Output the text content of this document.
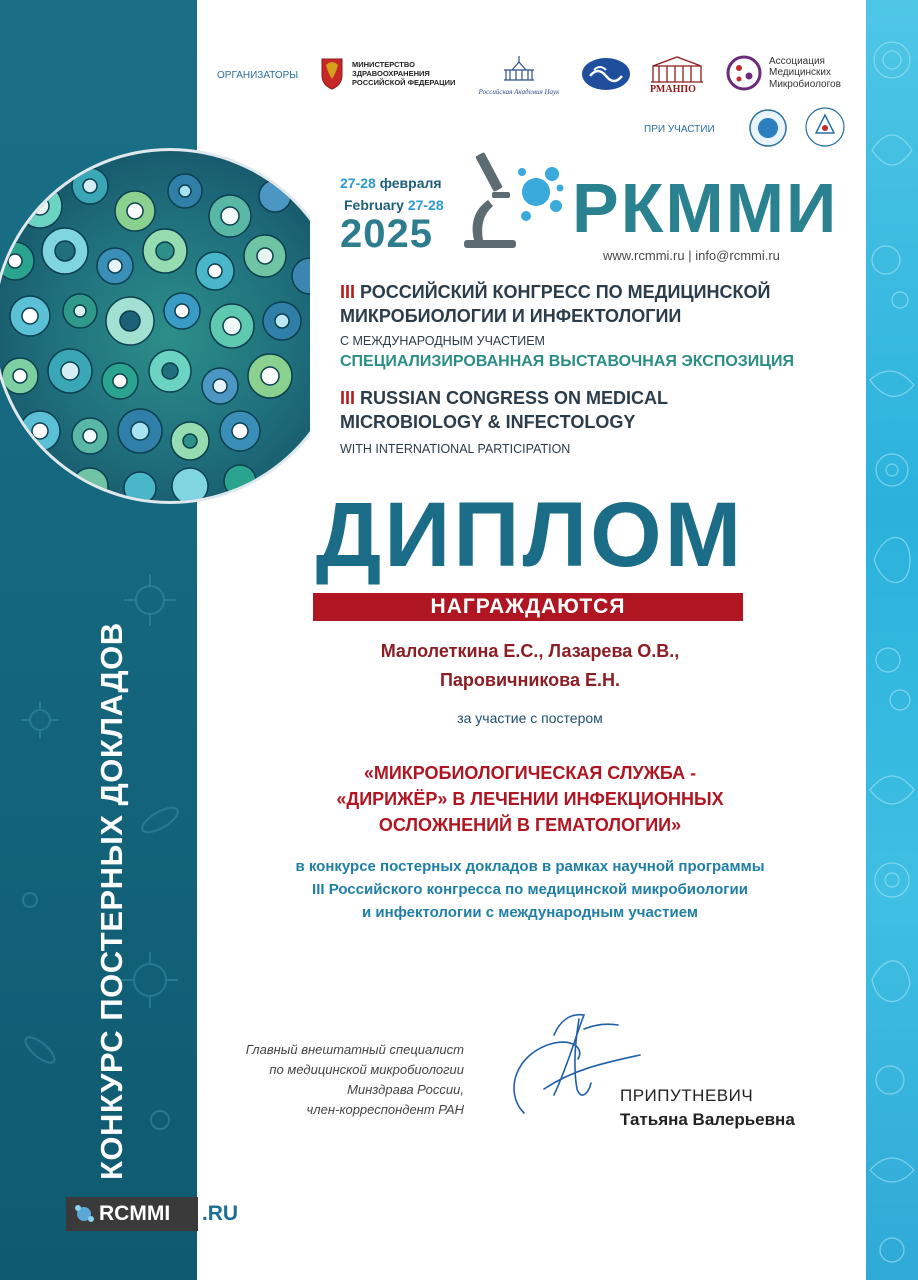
КОНКУРС ПОСТЕРНЫХ ДОКЛАДОВ
RCMMI .RU
ОРГАНИЗАТОРЫ
МИНИСТЕРСТВО
ЗДРАВООХРАНЕНИЯ
РОССИЙСКОЙ ФЕДЕРАЦИИ
Российская Академия Наук	РМАНПО
Ассоциация
Медицинских
Микробиологов
ПРИ УЧАСТИИ
27-28 февраля
February 27-28
2025 РКММИ
www.rcmmi.ru | info@rcmmi.ru
III РОССИЙСКИЙ КОНГРЕСС ПО МЕДИЦИНСКОЙ
МИКРОБИОЛОГИИ И ИНФЕКТОЛОГИИ
С МЕЖДУНАРОДНЫМ УЧАСТИЕМ
СПЕЦИАЛИЗИРОВАННАЯ ВЫСТАВОЧНАЯ ЭКСПОЗИЦИЯ
III RUSSIAN CONGRESS ON MEDICAL
MICROBIOLOGY & INFECTOLOGY
WITH INTERNATIONAL PARTICIPATION
ДИПЛОМ
НАГРАЖДАЮТСЯ
Малолеткина Е.С., Лазарева О.В.,
Паровичникова Е.Н.
за участие с постером
«МИКРОБИОЛОГИЧЕСКАЯ СЛУЖБА -
«ДИРИЖЁР» В ЛЕЧЕНИИ ИНФЕКЦИОННЫХ
ОСЛОЖНЕНИЙ В ГЕМАТОЛОГИИ»
в конкурсе постерных докладов в рамках научной программы
III Российского конгресса по медицинской микробиологии
и инфектологии с международным участием
Главный внештатный специалист
по медицинской микробиологии
Минздрава России,
член-корреспондент РАН
ПРИПУТНЕВИЧ
Татьяна Валерьевна
